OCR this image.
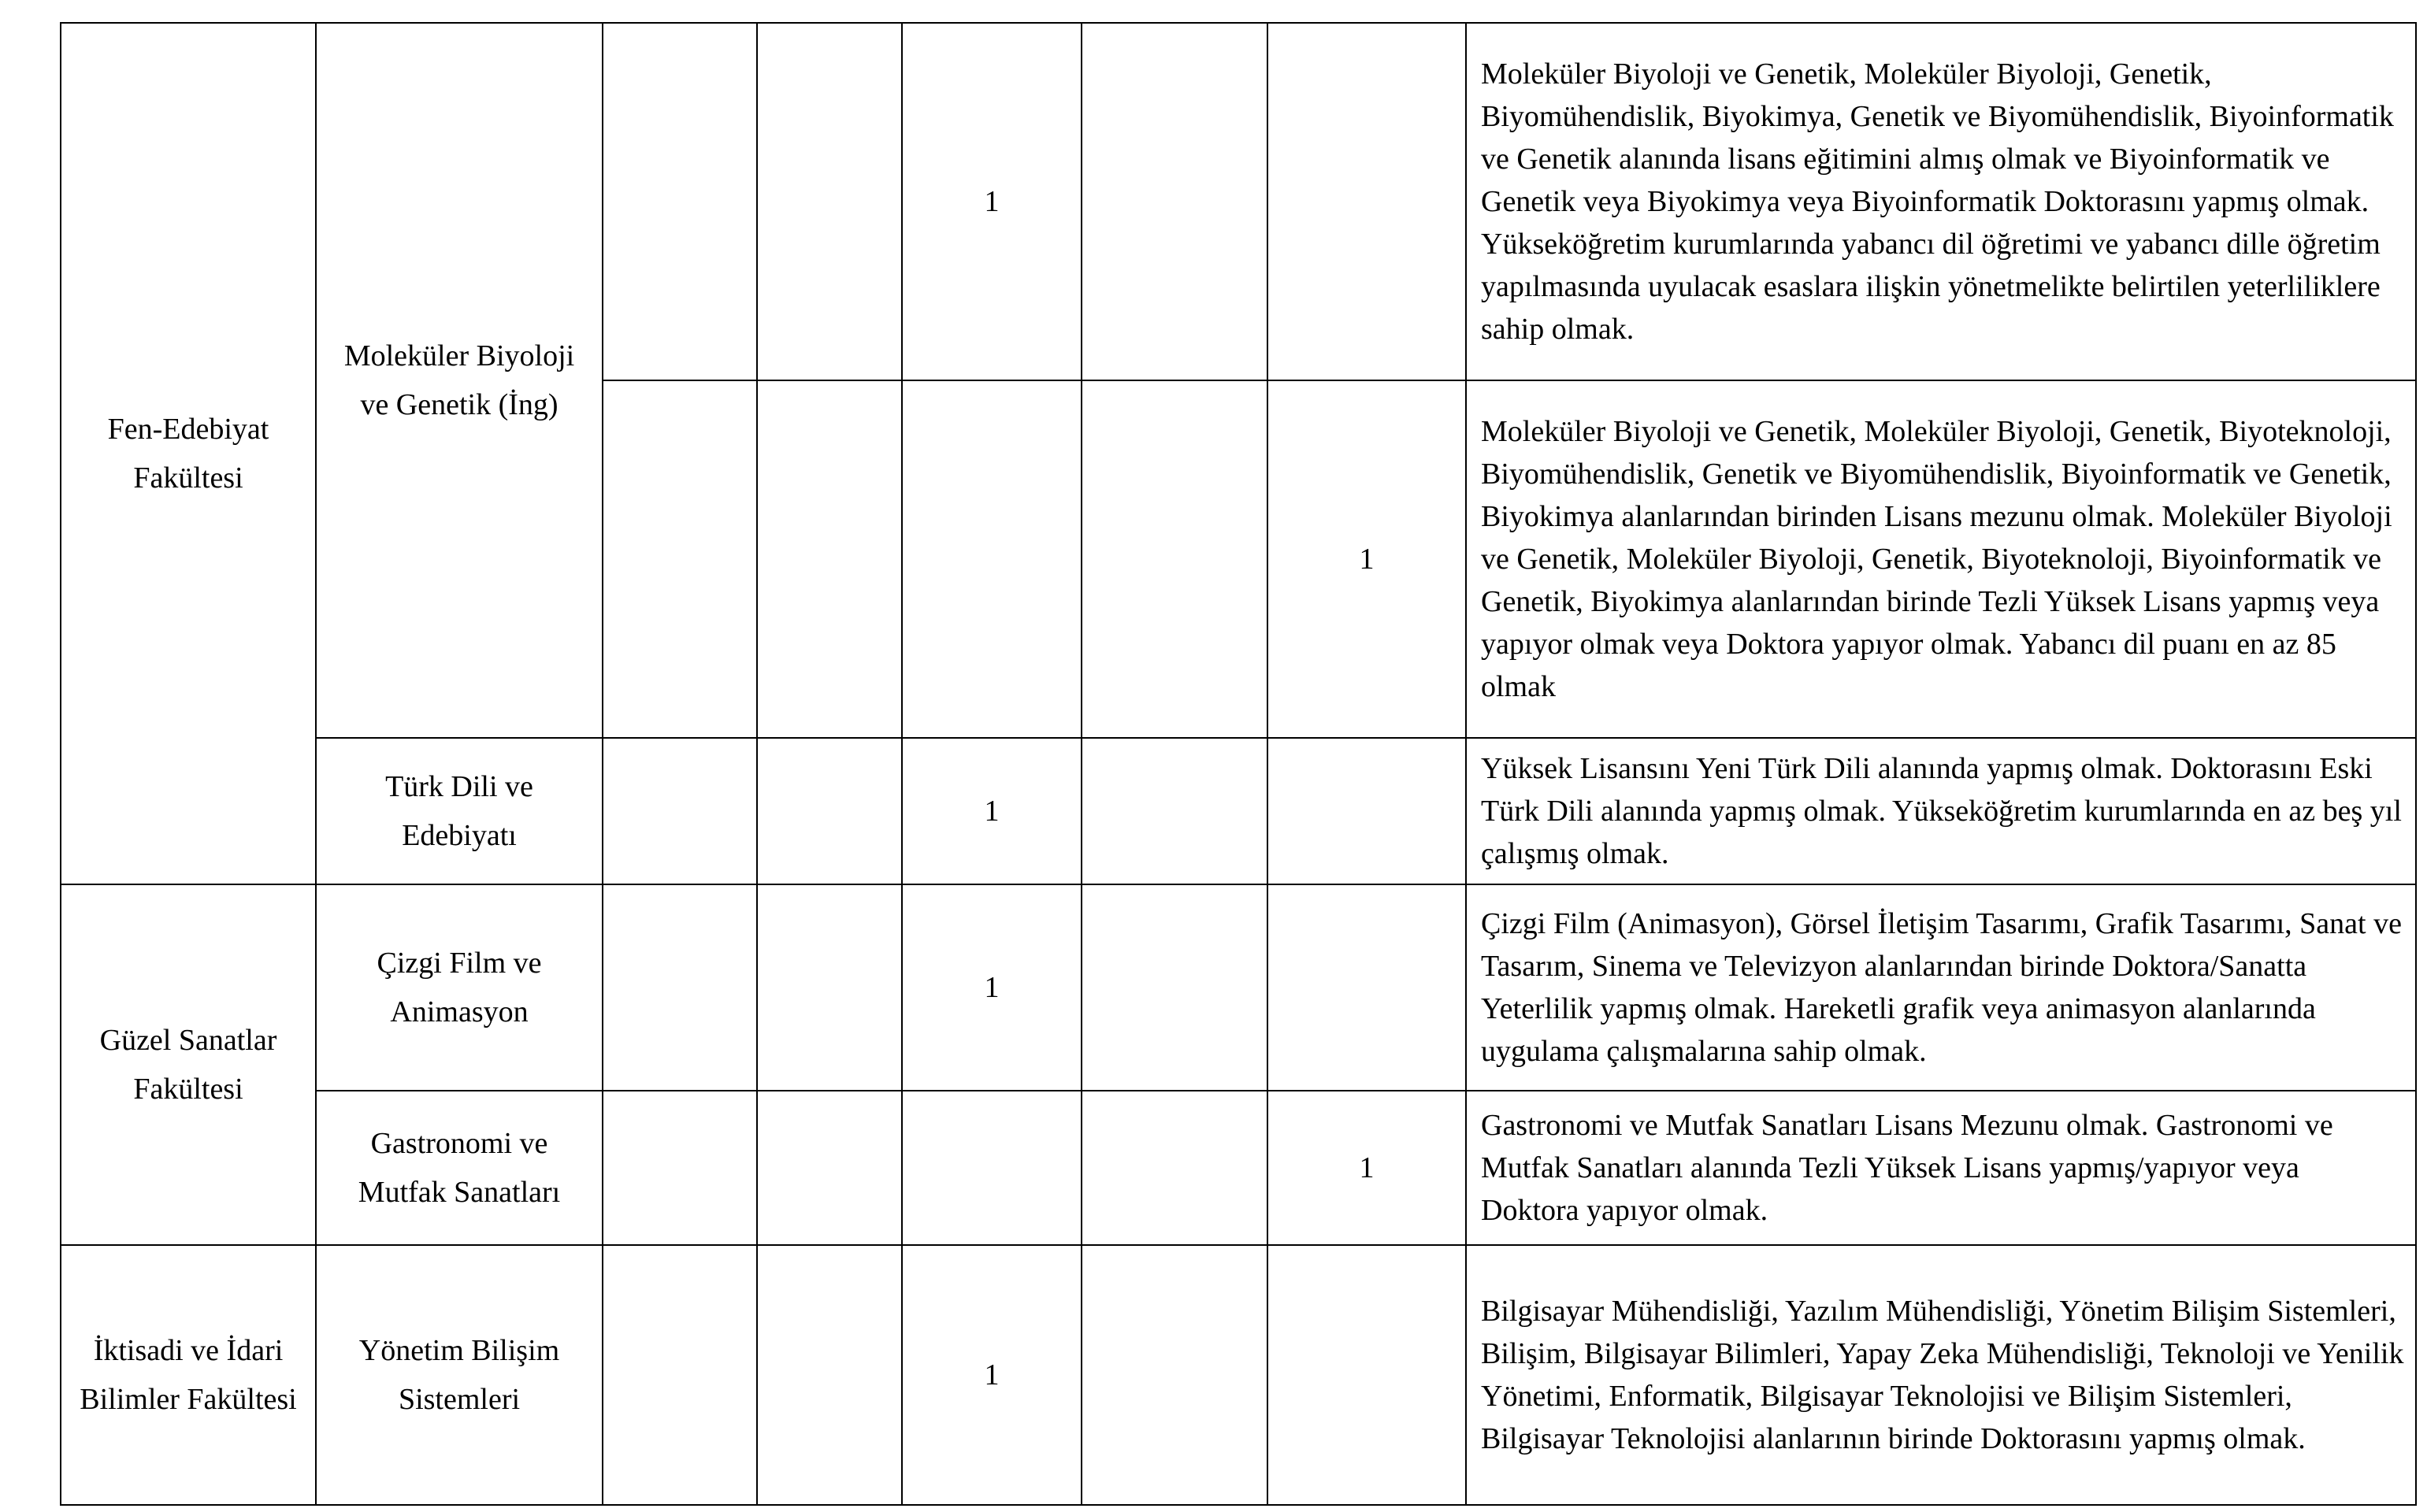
Fen-Edebiyat Fakültesi	Moleküler Biyoloji ve Genetik (İng)			1			Moleküler Biyoloji ve Genetik, Moleküler Biyoloji, Genetik, Biyomühendislik, Biyokimya, Genetik ve Biyomühendislik, Biyoinformatik ve Genetik alanında lisans eğitimini almış olmak ve Biyoinformatik ve Genetik veya Biyokimya veya Biyoinformatik Doktorasını yapmış olmak. Yükseköğretim kurumlarında yabancı dil öğretimi ve yabancı dille öğretim yapılmasında uyulacak esaslara ilişkin yönetmelikte belirtilen yeterliliklere sahip olmak.
						1	Moleküler Biyoloji ve Genetik, Moleküler Biyoloji, Genetik, Biyoteknoloji, Biyomühendislik, Genetik ve Biyomühendislik, Biyoinformatik ve Genetik, Biyokimya alanlarından birinden Lisans mezunu olmak. Moleküler Biyoloji ve Genetik, Moleküler Biyoloji, Genetik, Biyoteknoloji, Biyoinformatik ve Genetik, Biyokimya alanlarından birinde Tezli Yüksek Lisans yapmış veya yapıyor olmak veya Doktora yapıyor olmak. Yabancı dil puanı en az 85 olmak
	Türk Dili ve Edebiyatı			1			Yüksek Lisansını Yeni Türk Dili alanında yapmış olmak. Doktorasını Eski Türk Dili alanında yapmış olmak. Yükseköğretim kurumlarında en az beş yıl çalışmış olmak.
Güzel Sanatlar Fakültesi	Çizgi Film ve Animasyon			1			Çizgi Film (Animasyon), Görsel İletişim Tasarımı, Grafik Tasarımı, Sanat ve Tasarım, Sinema ve Televizyon alanlarından birinde Doktora/Sanatta Yeterlilik yapmış olmak. Hareketli grafik veya animasyon alanlarında uygulama çalışmalarına sahip olmak.
	Gastronomi ve Mutfak Sanatları					1	Gastronomi ve Mutfak Sanatları Lisans Mezunu olmak. Gastronomi ve Mutfak Sanatları alanında Tezli Yüksek Lisans yapmış/yapıyor veya Doktora yapıyor olmak.
İktisadi ve İdari Bilimler Fakültesi	Yönetim Bilişim Sistemleri			1			Bilgisayar Mühendisliği, Yazılım Mühendisliği, Yönetim Bilişim Sistemleri, Bilişim, Bilgisayar Bilimleri, Yapay Zeka Mühendisliği, Teknoloji ve Yenilik Yönetimi, Enformatik, Bilgisayar Teknolojisi ve Bilişim Sistemleri, Bilgisayar Teknolojisi alanlarının birinde Doktorasını yapmış olmak.
